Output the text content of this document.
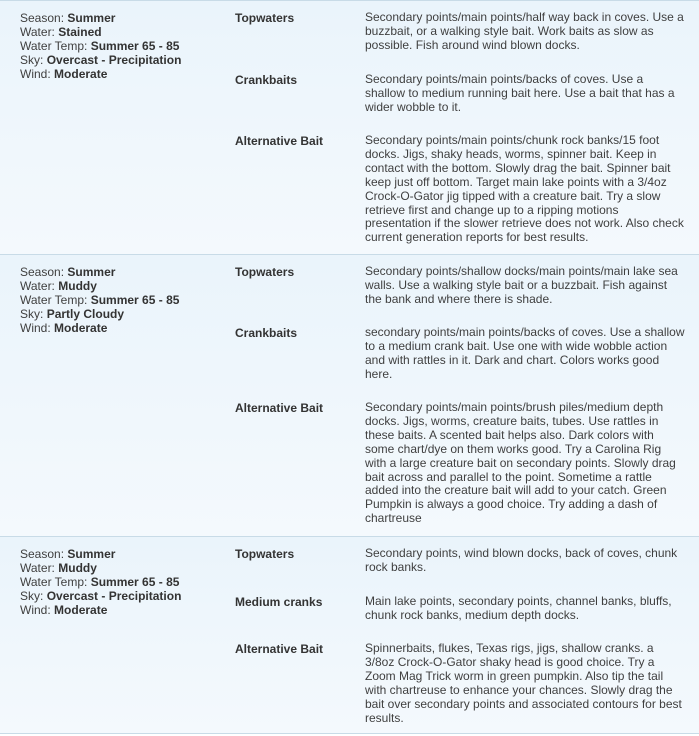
Season: Summer
Water: Stained
Water Temp: Summer 65 - 85
Sky: Overcast - Precipitation
Wind: Moderate
Topwaters	Secondary points/main points/half way back in coves. Use a buzzbait, or a walking style bait. Work baits as slow as possible. Fish around wind blown docks.
Crankbaits	Secondary points/main points/backs of coves. Use a shallow to medium running bait here. Use a bait that has a wider wobble to it.
Alternative Bait	Secondary points/main points/chunk rock banks/15 foot docks. Jigs, shaky heads, worms, spinner bait. Keep in contact with the bottom. Slowly drag the bait. Spinner bait keep just off bottom. Target main lake points with a 3/4oz Crock-O-Gator jig tipped with a creature bait. Try a slow retrieve first and change up to a ripping motions presentation if the slower retrieve does not work. Also check current generation reports for best results.
Season: Summer
Water: Muddy
Water Temp: Summer 65 - 85
Sky: Partly Cloudy
Wind: Moderate
Topwaters	Secondary points/shallow docks/main points/main lake sea walls. Use a walking style bait or a buzzbait. Fish against the bank and where there is shade.
Crankbaits	secondary points/main points/backs of coves. Use a shallow to a medium crank bait. Use one with wide wobble action and with rattles in it. Dark and chart. Colors works good here.
Alternative Bait	Secondary points/main points/brush piles/medium depth docks. Jigs, worms, creature baits, tubes. Use rattles in these baits. A scented bait helps also. Dark colors with some chart/dye on them works good. Try a Carolina Rig with a large creature bait on secondary points. Slowly drag bait across and parallel to the point. Sometime a rattle added into the creature bait will add to your catch. Green Pumpkin is always a good choice. Try adding a dash of chartreuse
Season: Summer
Water: Muddy
Water Temp: Summer 65 - 85
Sky: Overcast - Precipitation
Wind: Moderate
Topwaters	Secondary points, wind blown docks, back of coves, chunk rock banks.
Medium cranks	Main lake points, secondary points, channel banks, bluffs, chunk rock banks, medium depth docks.
Alternative Bait	Spinnerbaits, flukes, Texas rigs, jigs, shallow cranks. a 3/8oz Crock-O-Gator shaky head is good choice. Try a Zoom Mag Trick worm in green pumpkin. Also tip the tail with chartreuse to enhance your chances. Slowly drag the bait over secondary points and associated contours for best results.
